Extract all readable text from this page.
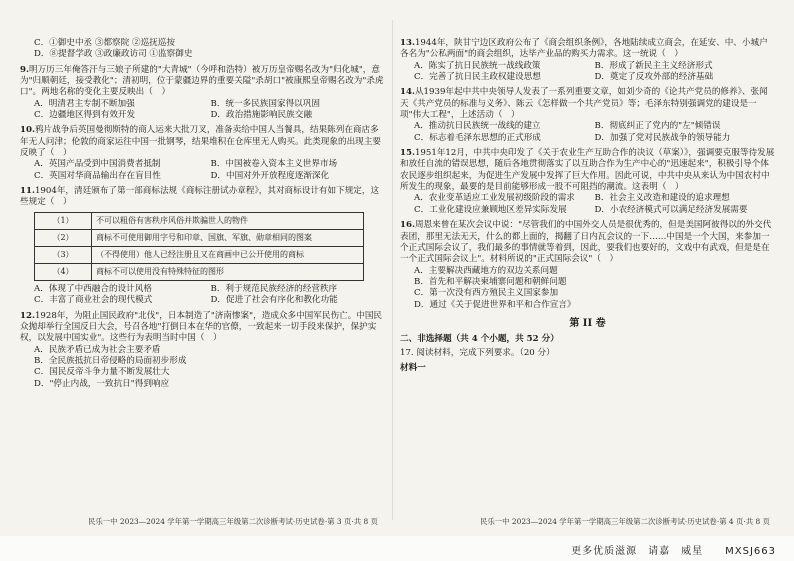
C．①御史中丞 ③都察院 ②巡抚巡按
D．⑧提督学政 ③政廉政访司 ①监察御史
9.明万历三年俺答汗与三娘子所建的"大青城"（今呼和浩特）被万历皇帝赐名改为"归化城"，意为"归顺朝廷，接受教化"；清初明，位于蒙疆边界的重要关隘"杀胡口"被康熙皇帝赐名改为"杀虎口"。两地名称的变化主要反映出（　）
A．明清君主专制不断加强	B．统一多民族国家得以巩固
C．边疆地区得到有效开发	D．政治措施影响民族交融
10.鸦片战争后英国曼彻斯特的商人运来大批刀叉，准备卖给中国人当餐具，结果陈列在商店多年无人问津；伦敦的商家运往中国一批钢琴，结果堆积在仓库里无人购买。此类现象的出现主要反映了（　）
A．英国产品受到中国消费者抵制	B．中国被卷入资本主义世界市场
C．英国对华商品输出存在盲目性	D．中国对外开放程度逐渐深化
11.1904年，清廷颁布了第一部商标法规《商标注册试办章程》，其对商标设计有如下规定，这些规定（　）
（1）	不可以粗俗有害秩序风俗并欺骗世人的物件
（2）	商标不可使用御用字号和印章、国旗、军旗、勋章相同的图案
（3）	（不得使用）他人已经注册且又在商画中已公开使用的商标
（4）	商标不可以使用没有特殊特征的图形
A．体现了中西融合的设计风格	B．利于规范民族经济的经营秩序
C．丰富了商业社会的现代模式	D．促进了社会有序化和教化功能
12.1928年，为阻止国民政府"北伐"，日本制造了"济南惨案"，造成众多中国军民伤亡。中国民众抛却举行全国反日大会，号召各地"打倒日本在华的官僚，一致起来一切手段来保护，保护实权，以发展中国实业"。这些行为表明当时中国（　）
A．民族矛盾已成为社会主要矛盾
B．全民族抵抗日帝侵略的局面初步形成
C．国民反帝斗争力量不断发展壮大
D．"停止内战，一致抗日"得到响应
民乐一中 2023—2024 学年第一学期高三年级第二次诊断考试·历史试卷·第 3 页·共 8 页
13.1944年，陕甘宁边区政府公布了《商会组织条例》，各地陆续成立商会，在延安、中、小城户各名为"公私两面"的商会组织，达毕产业品的购买力需求。这一统说（　）
A．陈实了抗日民族统一战线政策	B．形成了新民主主义经济形式
C．完善了抗日民主政权建设思想	D．奠定了反攻外部的经济基础
14.从1939年起中共中央领导人发表了一系列重要文章，如刘少奇的《论共产党员的修养》、张闻天《共产党员的标准与义务》、陈云《怎样做一个共产党员》等；毛泽东特别强调党的建设是一项"伟大工程"，上述活动（　）
A．推动抗日民族统一战线的建立	B．彻底纠正了党内的"左"倾错误
C．标志着毛泽东思想的正式形成	D．加强了党对民族战争的领导能力
15.1951年12月，中共中央印发了《关于农业生产互助合作的决议（草案）》，强调要克服等待发展和放任自流的错误思想，随后各地贯彻落实了以互助合作为生产中心的"迅速起来"，积极引导个体农民逐步组织起来，为促进生产发展中发挥了巨大作用。因此可说，中共中央从来认为中国农村中所发生的现象，最要的是目前能够形成一股不可阻挡的潮流。这表明（　）
A．农业变革适应工业发展初级阶段的需求	B．社会主义改造和建设的追求理想
C．工业化建设应兼顾地区差异实际发展	D．小农经济模式可以满足经济发展需要
16.周恩来曾在某次会议中说："尽管我们的中国外交人员是很优秀的，但是美国阿彼得以的外交代表团，那里无法无天，什么的都上面的，揭翻了日内瓦会议的一下……中国是一个大国，来参加一个正式国际会议了，我们最多的事情就等着到，因此，要我们也要好的，文戏中有武戏，但是是在一个正式国际会议上"。材料所说的"正式国际会议"（　）
A．主要解决西藏地方的双边关系问题
B．首先和平解决柬埔寨问题和朝鲜问题
C．第一次没有西方殖民主义国家参加
D．通过《关于促进世界和平和合作宣言》
第 II 卷
二、非选择题（共 4 个小题，共 52 分）
17. 阅读材料，完成下列要求。（20 分）
材料一
民乐一中 2023—2024 学年第一学期高三年级第二次诊断考试·历史试卷·第 4 页·共 8 页
更多优质滋源　请嘉　威星　　MXSJ663
